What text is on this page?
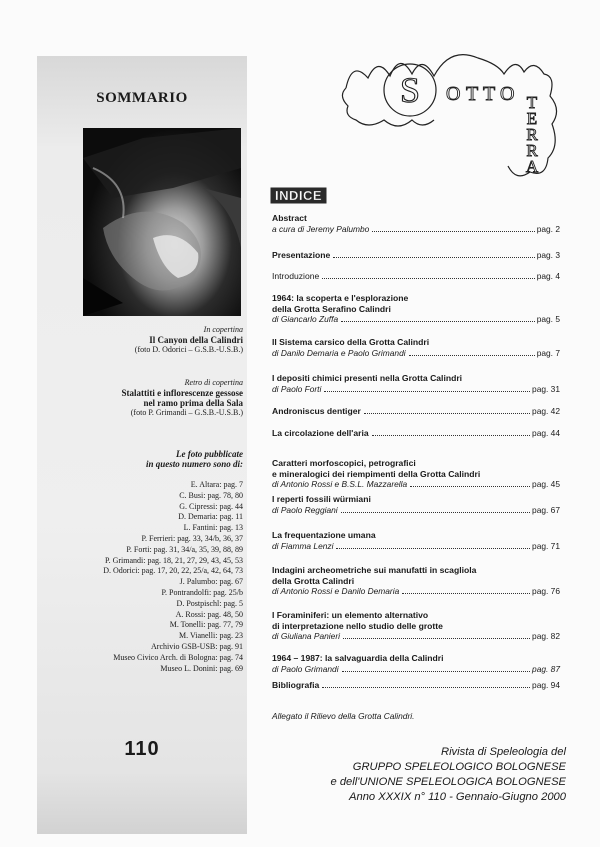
SOMMARIO
In copertina
Il Canyon della Calindri
(foto D. Odorici – G.S.B.-U.S.B.)
Retro di copertina
Stalattiti e inflorescenze gessose
nel ramo prima della Sala
(foto P. Grimandi – G.S.B.-U.S.B.)
Le foto pubblicate
in questo numero sono di:
E. Altara: pag. 7
C. Busi: pag. 78, 80
G. Cipressi: pag. 44
D. Demaria: pag. 11
L. Fantini: pag. 13
P. Ferrieri: pag. 33, 34/b, 36, 37
P. Forti: pag. 31, 34/a, 35, 39, 88, 89
P. Grimandi: pag. 18, 21, 27, 29, 43, 45, 53
D. Odorici: pag. 17, 20, 22, 25/a, 42, 64, 73
J. Palumbo: pag. 67
P. Pontrandolfi: pag. 25/b
D. Postpischl: pag. 5
A. Rossi: pag. 48, 50
M. Tonelli: pag. 77, 79
M. Vianelli: pag. 23
Archivio GSB-USB: pag. 91
Museo Civico Arch. di Bologna: pag. 74
Museo L. Donini: pag. 69
110
S O T T O T
E
R
R
A
INDICE
Allegato il Rilievo della Grotta Calindri.
Abstract
a cura di Jeremy Palumbo	pag. 2
Presentazione	pag. 3
Introduzione	pag. 4
1964: la scoperta e l'esplorazione
della Grotta Serafino Calindri
di Giancarlo Zuffa	pag. 5
Il Sistema carsico della Grotta Calindri
di Danilo Demaria e Paolo Grimandi	pag. 7
I depositi chimici presenti nella Grotta Calindri
di Paolo Forti	pag. 31
Androniscus dentiger	pag. 42
La circolazione dell'aria	pag. 44
Caratteri morfoscopici, petrografici
e mineralogici dei riempimenti della Grotta Calindri
di Antonio Rossi e B.S.L. Mazzarella	pag. 45
I reperti fossili würmiani
di Paolo Reggiani	pag. 67
La frequentazione umana
di Fiamma Lenzi	pag. 71
Indagini archeometriche sui manufatti in scagliola
della Grotta Calindri
di Antonio Rossi e Danilo Demaria	pag. 76
I Foraminiferi: un elemento alternativo
di interpretazione nello studio delle grotte
di Giuliana Panieri	pag. 82
1964 – 1987: la salvaguardia della Calindri
di Paolo Grimandi	pag. 87
Bibliografia	pag. 94
Rivista di Speleologia del
GRUPPO SPELEOLOGICO BOLOGNESE
e dell'UNIONE SPELEOLOGICA BOLOGNESE
Anno XXXIX n° 110 - Gennaio-Giugno 2000
